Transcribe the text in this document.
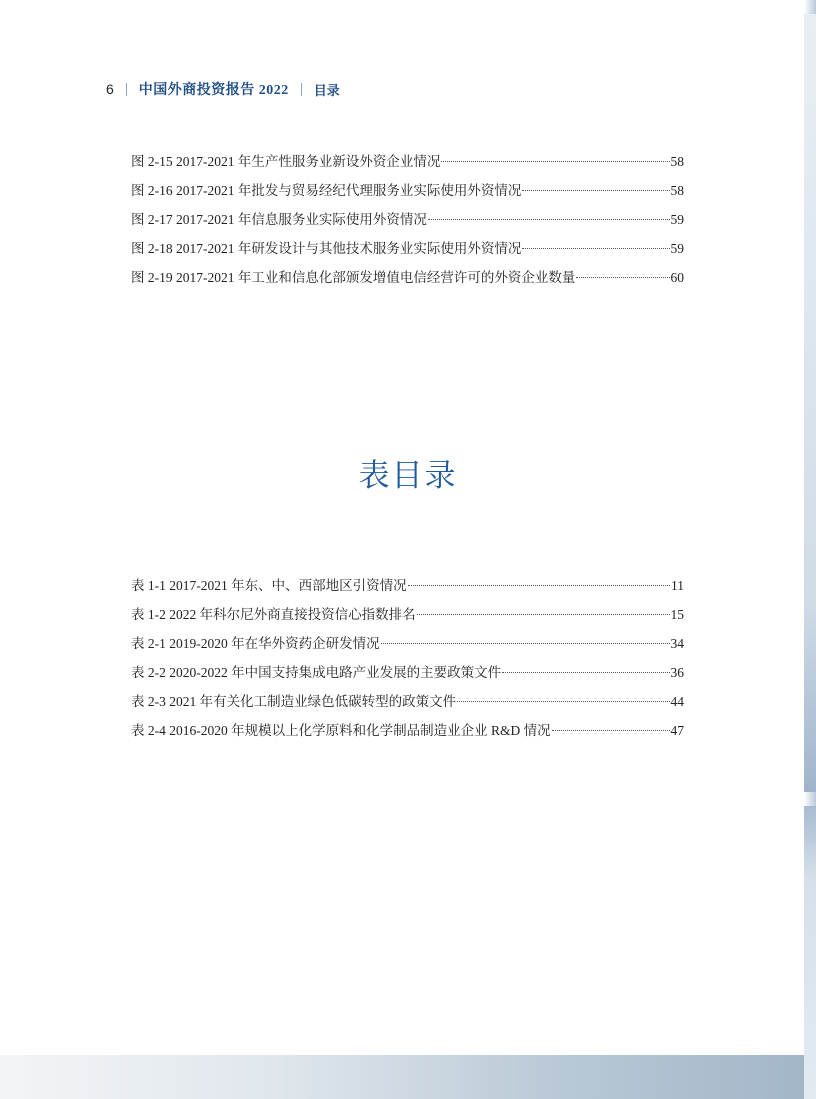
6 中国外商投资报告 2022 目录
图 2-15 2017-2021 年生产性服务业新设外资企业情况	58
图 2-16 2017-2021 年批发与贸易经纪代理服务业实际使用外资情况	58
图 2-17 2017-2021 年信息服务业实际使用外资情况	59
图 2-18 2017-2021 年研发设计与其他技术服务业实际使用外资情况	59
图 2-19 2017-2021 年工业和信息化部颁发增值电信经营许可的外资企业数量	60
表目录
表 1-1 2017-2021 年东、中、西部地区引资情况	11
表 1-2 2022 年科尔尼外商直接投资信心指数排名	15
表 2-1 2019-2020 年在华外资药企研发情况	34
表 2-2 2020-2022 年中国支持集成电路产业发展的主要政策文件	36
表 2-3 2021 年有关化工制造业绿色低碳转型的政策文件	44
表 2-4 2016-2020 年规模以上化学原料和化学制品制造业企业 R&D 情况	47
